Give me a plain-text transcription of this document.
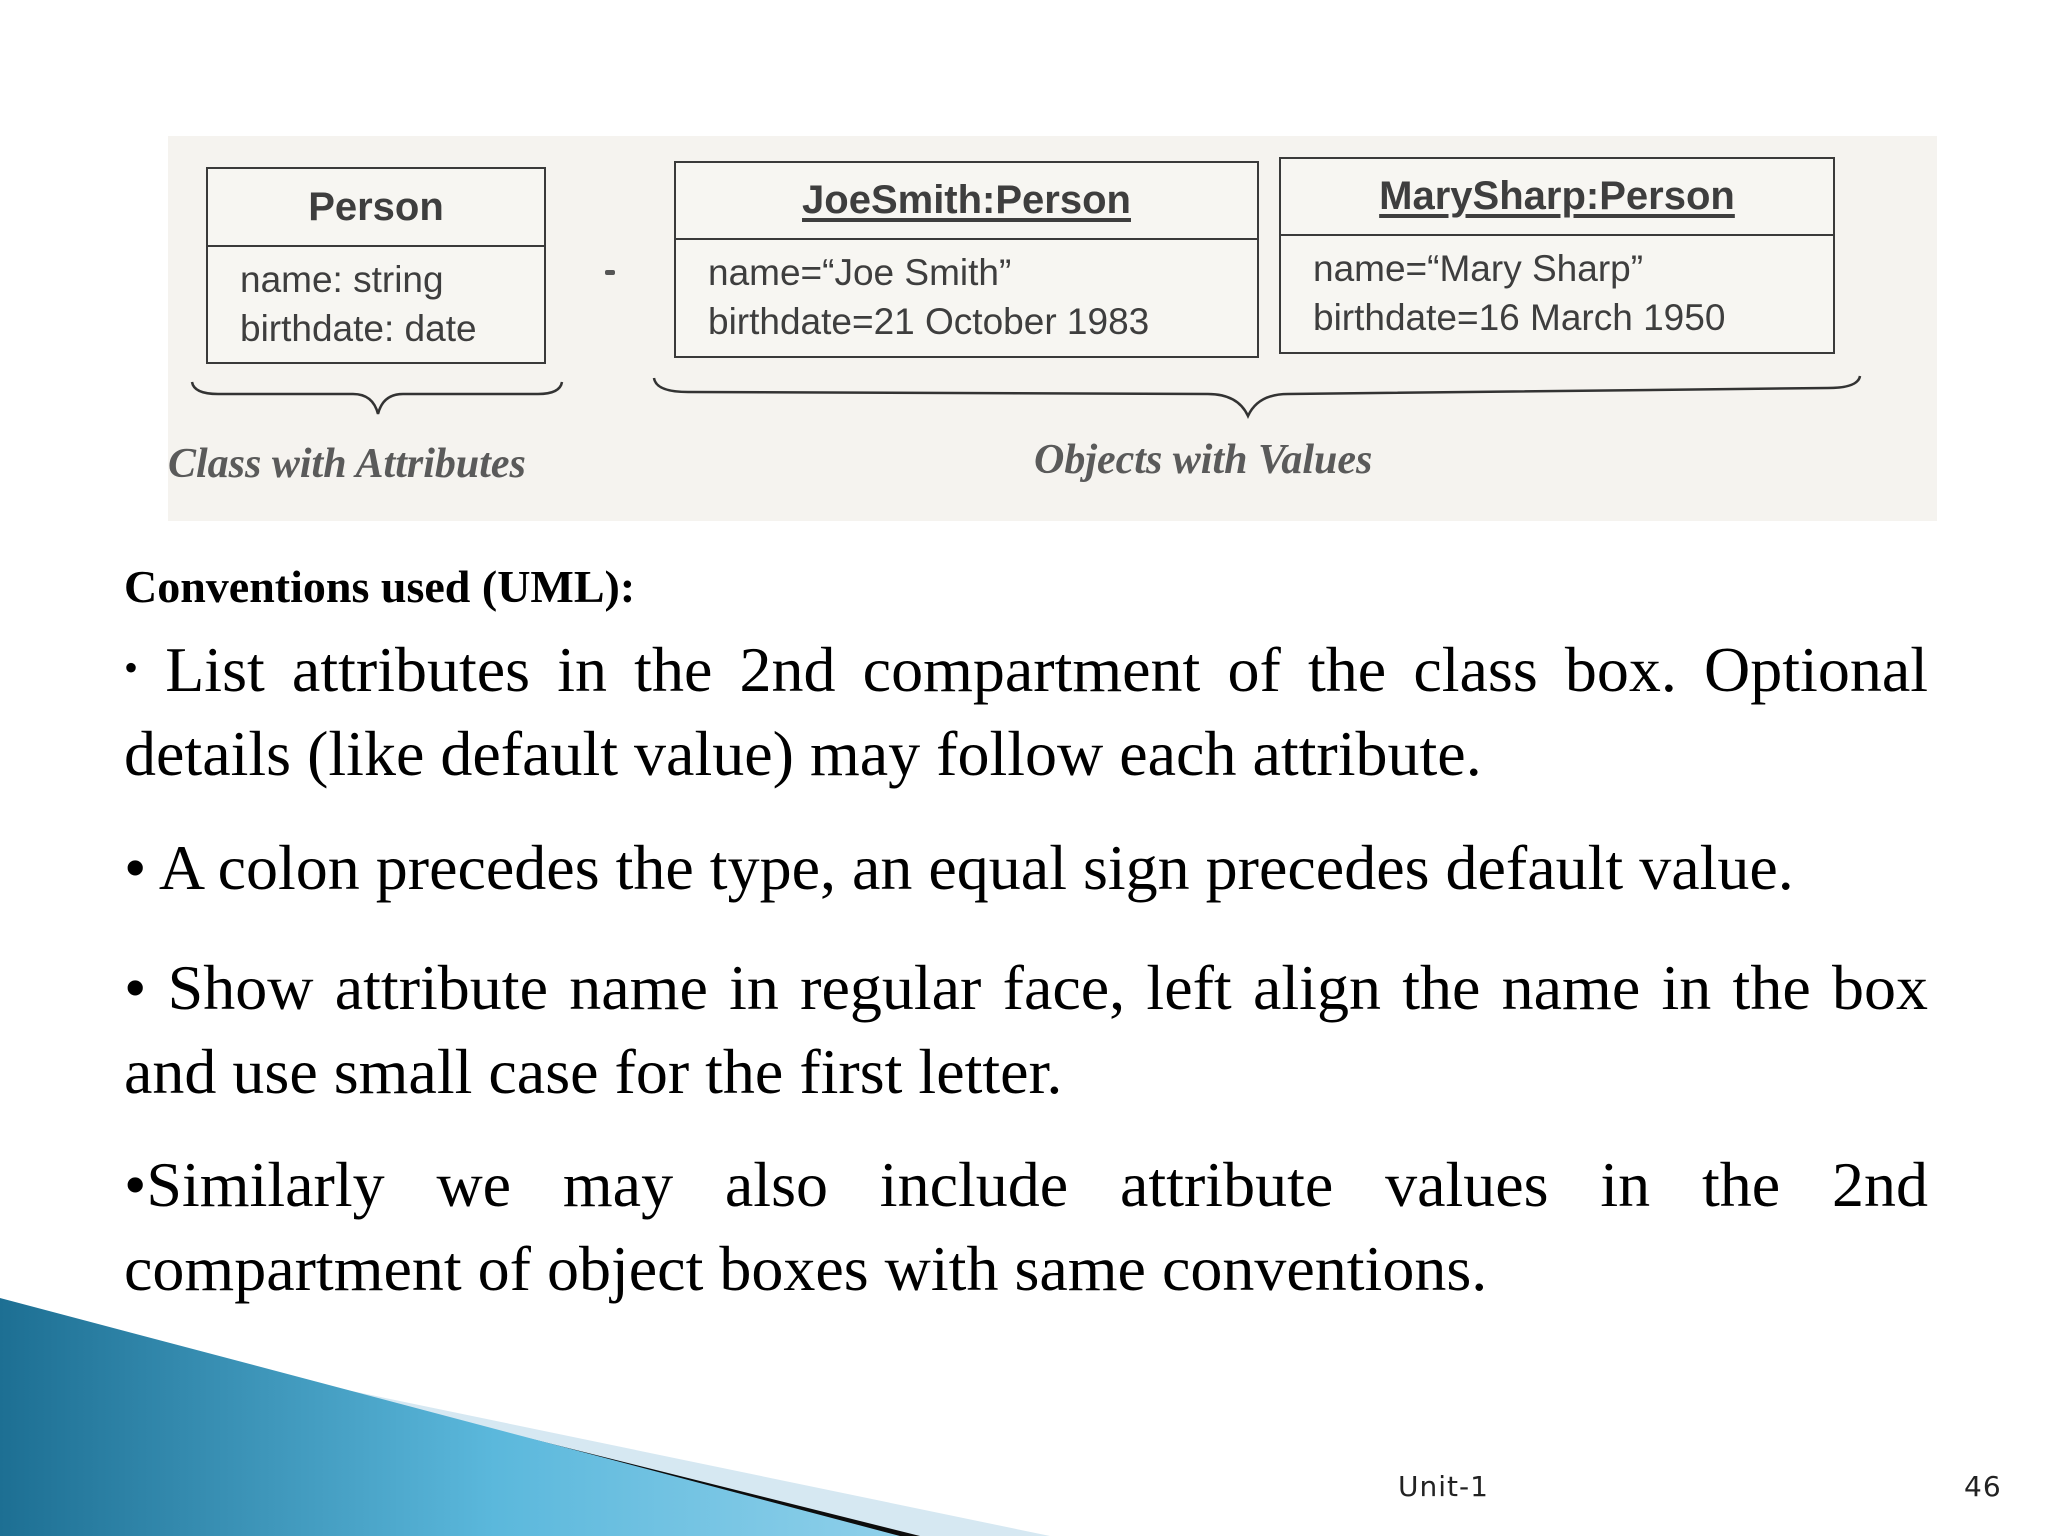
Person
name: string
birthdate: date
JoeSmith:Person
name=“Joe Smith”
birthdate=21 October 1983
MarySharp:Person
name=“Mary Sharp”
birthdate=16 March 1950
Class with Attributes	Objects with Values
Conventions used (UML):

• List attributes in the 2nd compartment of the class box. Optional details (like default value) may follow each attribute.

• A colon precedes the type, an equal sign precedes default value.

• Show attribute name in regular face, left align the name in the box and use small case for the first letter.

•Similarly we may also include attribute values in the 2nd compartment of object boxes with same conventions.

Unit-1	46
